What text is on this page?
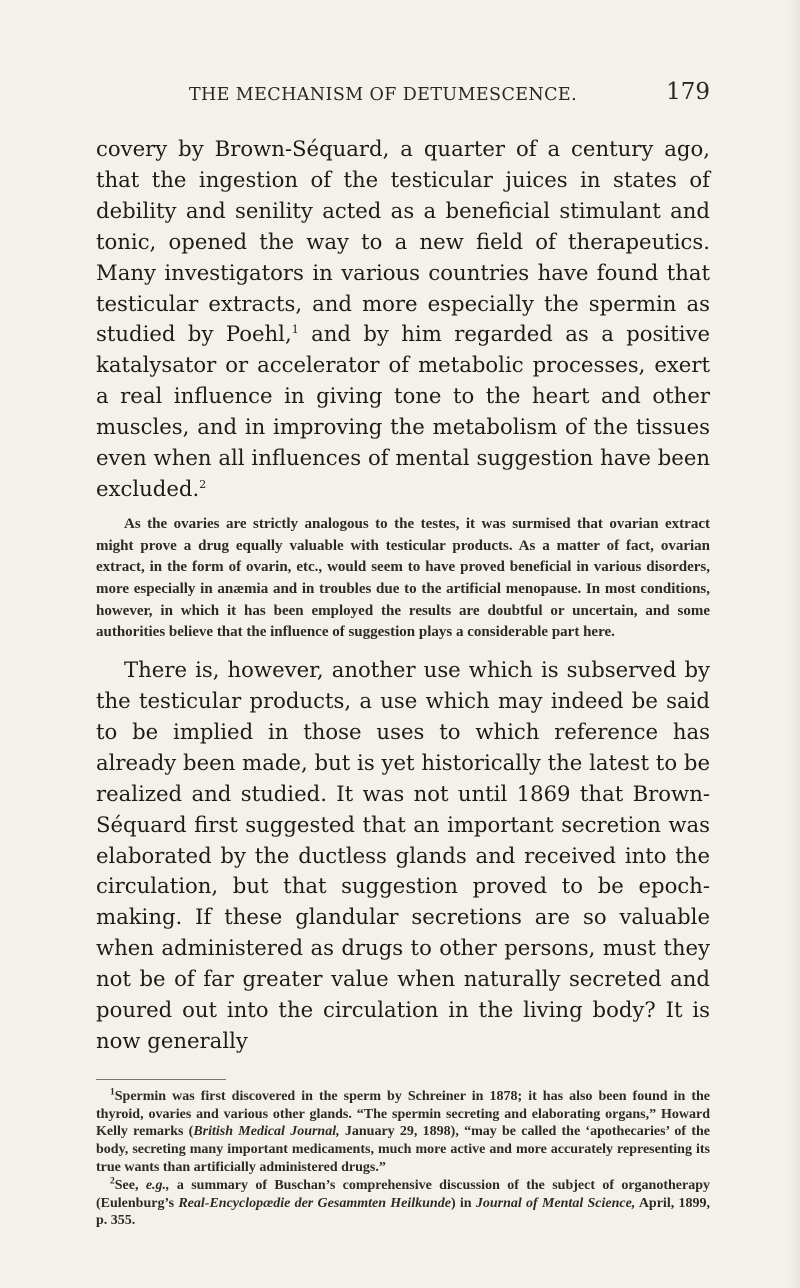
THE MECHANISM OF DETUMESCENCE.	179

covery by Brown-Séquard, a quarter of a century ago, that the ingestion of the testicular juices in states of debility and senility acted as a beneficial stimulant and tonic, opened the way to a new field of therapeutics. Many investigators in various countries have found that testicular extracts, and more especially the spermin as studied by Poehl,$^1$ and by him regarded as a positive katalysator or accelerator of metabolic processes, exert a real influence in giving tone to the heart and other muscles, and in improving the metabolism of the tissues even when all influences of mental suggestion have been excluded.$^2$

As the ovaries are strictly analogous to the testes, it was surmised that ovarian extract might prove a drug equally valuable with testicular products. As a matter of fact, ovarian extract, in the form of ovarin, etc., would seem to have proved beneficial in various disorders, more especially in anæmia and in troubles due to the artificial menopause. In most conditions, however, in which it has been employed the results are doubtful or uncertain, and some authorities believe that the influence of suggestion plays a considerable part here.

There is, however, another use which is subserved by the testicular products, a use which may indeed be said to be implied in those uses to which reference has already been made, but is yet historically the latest to be realized and studied. It was not until 1869 that Brown-Séquard first suggested that an important secretion was elaborated by the ductless glands and received into the circulation, but that suggestion proved to be epoch-making. If these glandular secretions are so valuable when administered as drugs to other persons, must they not be of far greater value when naturally secreted and poured out into the circulation in the living body? It is now generally

$^1$Spermin was first discovered in the sperm by Schreiner in 1878; it has also been found in the thyroid, ovaries and various other glands. “The spermin secreting and elaborating organs,” Howard Kelly remarks (British Medical Journal, January 29, 1898), “may be called the ‘apothecaries’ of the body, secreting many important medicaments, much more active and more accurately representing its true wants than artificially administered drugs.”

$^2$See, e.g., a summary of Buschan’s comprehensive discussion of the subject of organotherapy (Eulenburg’s Real-Encyclopædie der Gesammten Heilkunde) in Journal of Mental Science, April, 1899, p. 355.
